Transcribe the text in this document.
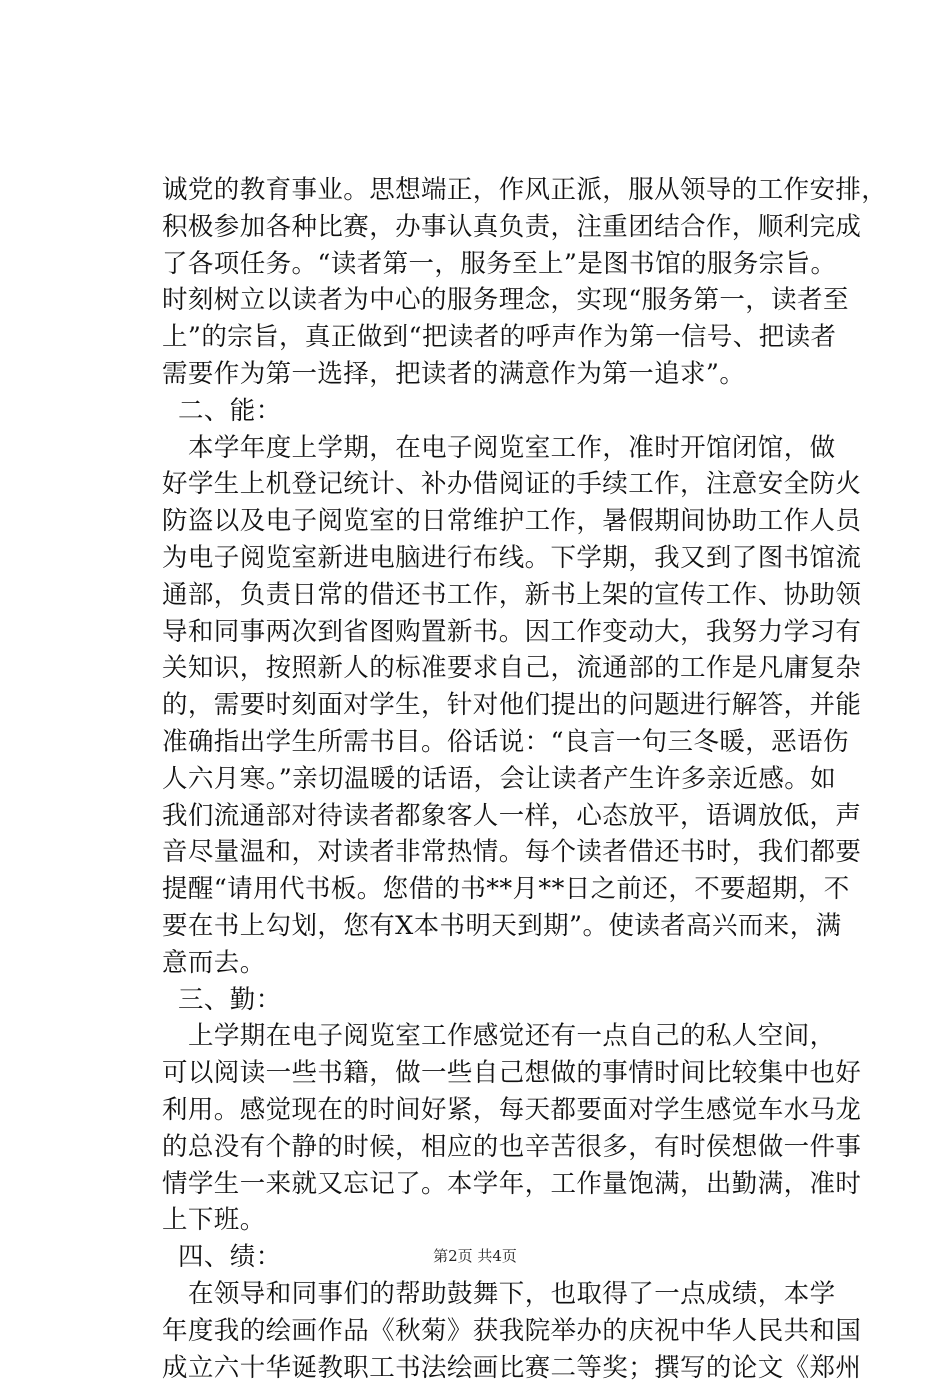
诚党的教育事业。思想端正，作风正派，服从领导的工作安排，
积极参加各种比赛，办事认真负责，注重团结合作，顺利完成
了各项任务。“读者第一，服务至上”是图书馆的服务宗旨。
时刻树立以读者为中心的服务理念，实现“服务第一，读者至
上”的宗旨，真正做到“把读者的呼声作为第一信号、把读者
需要作为第一选择，把读者的满意作为第一追求”。
二、能：
本学年度上学期，在电子阅览室工作，准时开馆闭馆，做
好学生上机登记统计、补办借阅证的手续工作，注意安全防火
防盗以及电子阅览室的日常维护工作，暑假期间协助工作人员
为电子阅览室新进电脑进行布线。下学期，我又到了图书馆流
通部，负责日常的借还书工作，新书上架的宣传工作、协助领
导和同事两次到省图购置新书。因工作变动大，我努力学习有
关知识，按照新人的标准要求自己，流通部的工作是凡庸复杂
的，需要时刻面对学生，针对他们提出的问题进行解答，并能
准确指出学生所需书目。俗话说：“良言一句三冬暖，恶语伤
人六月寒。”亲切温暖的话语，会让读者产生许多亲近感。如
我们流通部对待读者都象客人一样，心态放平，语调放低，声
音尽量温和，对读者非常热情。每个读者借还书时，我们都要
提醒“请用代书板。您借的书**月**日之前还，不要超期，不
要在书上勾划，您有X本书明天到期”。使读者高兴而来，满
意而去。
三、勤：
上学期在电子阅览室工作感觉还有一点自己的私人空间，
可以阅读一些书籍，做一些自己想做的事情时间比较集中也好
利用。感觉现在的时间好紧，每天都要面对学生感觉车水马龙
的总没有个静的时候，相应的也辛苦很多，有时侯想做一件事
情学生一来就又忘记了。本学年，工作量饱满，出勤满，准时
上下班。
四、绩：
在领导和同事们的帮助鼓舞下，也取得了一点成绩，本学
年度我的绘画作品《秋菊》获我院举办的庆祝中华人民共和国
成立六十华诞教职工书法绘画比赛二等奖；撰写的论文《郑州
第2页 共4页
